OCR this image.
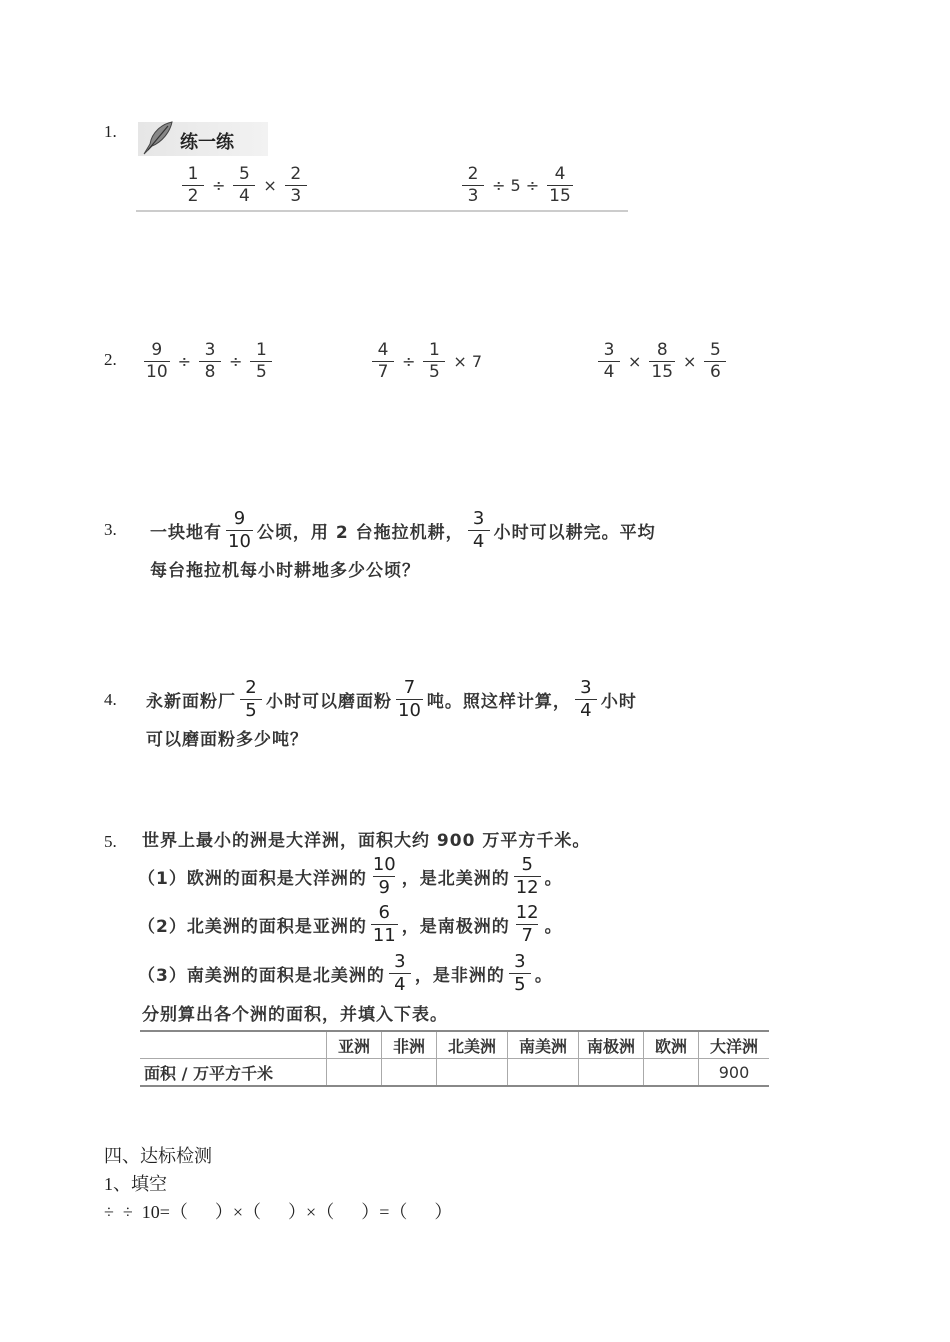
1.
练一练
$\frac{1}{2} \div \frac{5}{4} \times \frac{2}{3}$	$\frac{2}{3} \div 5 \div \frac{4}{15}$
2. $\frac{9}{10} \div \frac{3}{8} \div \frac{1}{5}$	$\frac{4}{7} \div \frac{1}{5} \times 7$	$\frac{3}{4} \times \frac{8}{15} \times \frac{5}{6}$
3. 一块地有 $\frac{9}{10}$ 公顷，用 2 台拖拉机耕， $\frac{3}{4}$ 小时可以耕完。平均
每台拖拉机每小时耕地多少公顷？
4. 永新面粉厂 $\frac{2}{5}$ 小时可以磨面粉 $\frac{7}{10}$ 吨。照这样计算， $\frac{3}{4}$ 小时
可以磨面粉多少吨？
5. 世界上最小的洲是大洋洲，面积大约 900 万平方千米。
（1）欧洲的面积是大洋洲的 $\frac{10}{9}$ ，是北美洲的 $\frac{5}{12}$ 。
（2）北美洲的面积是亚洲的 $\frac{6}{11}$ ，是南极洲的 $\frac{12}{7}$ 。
（3）南美洲的面积是北美洲的 $\frac{3}{4}$ ，是非洲的 $\frac{3}{5}$ 。
分别算出各个洲的面积，并填入下表。
	亚洲	非洲	北美洲	南美洲	南极洲	欧洲	大洋洲
面积 / 万平方千米							900
四、达标检测
1、填空
÷  ÷  10=（      ）×（      ）×（      ）=（      ）
